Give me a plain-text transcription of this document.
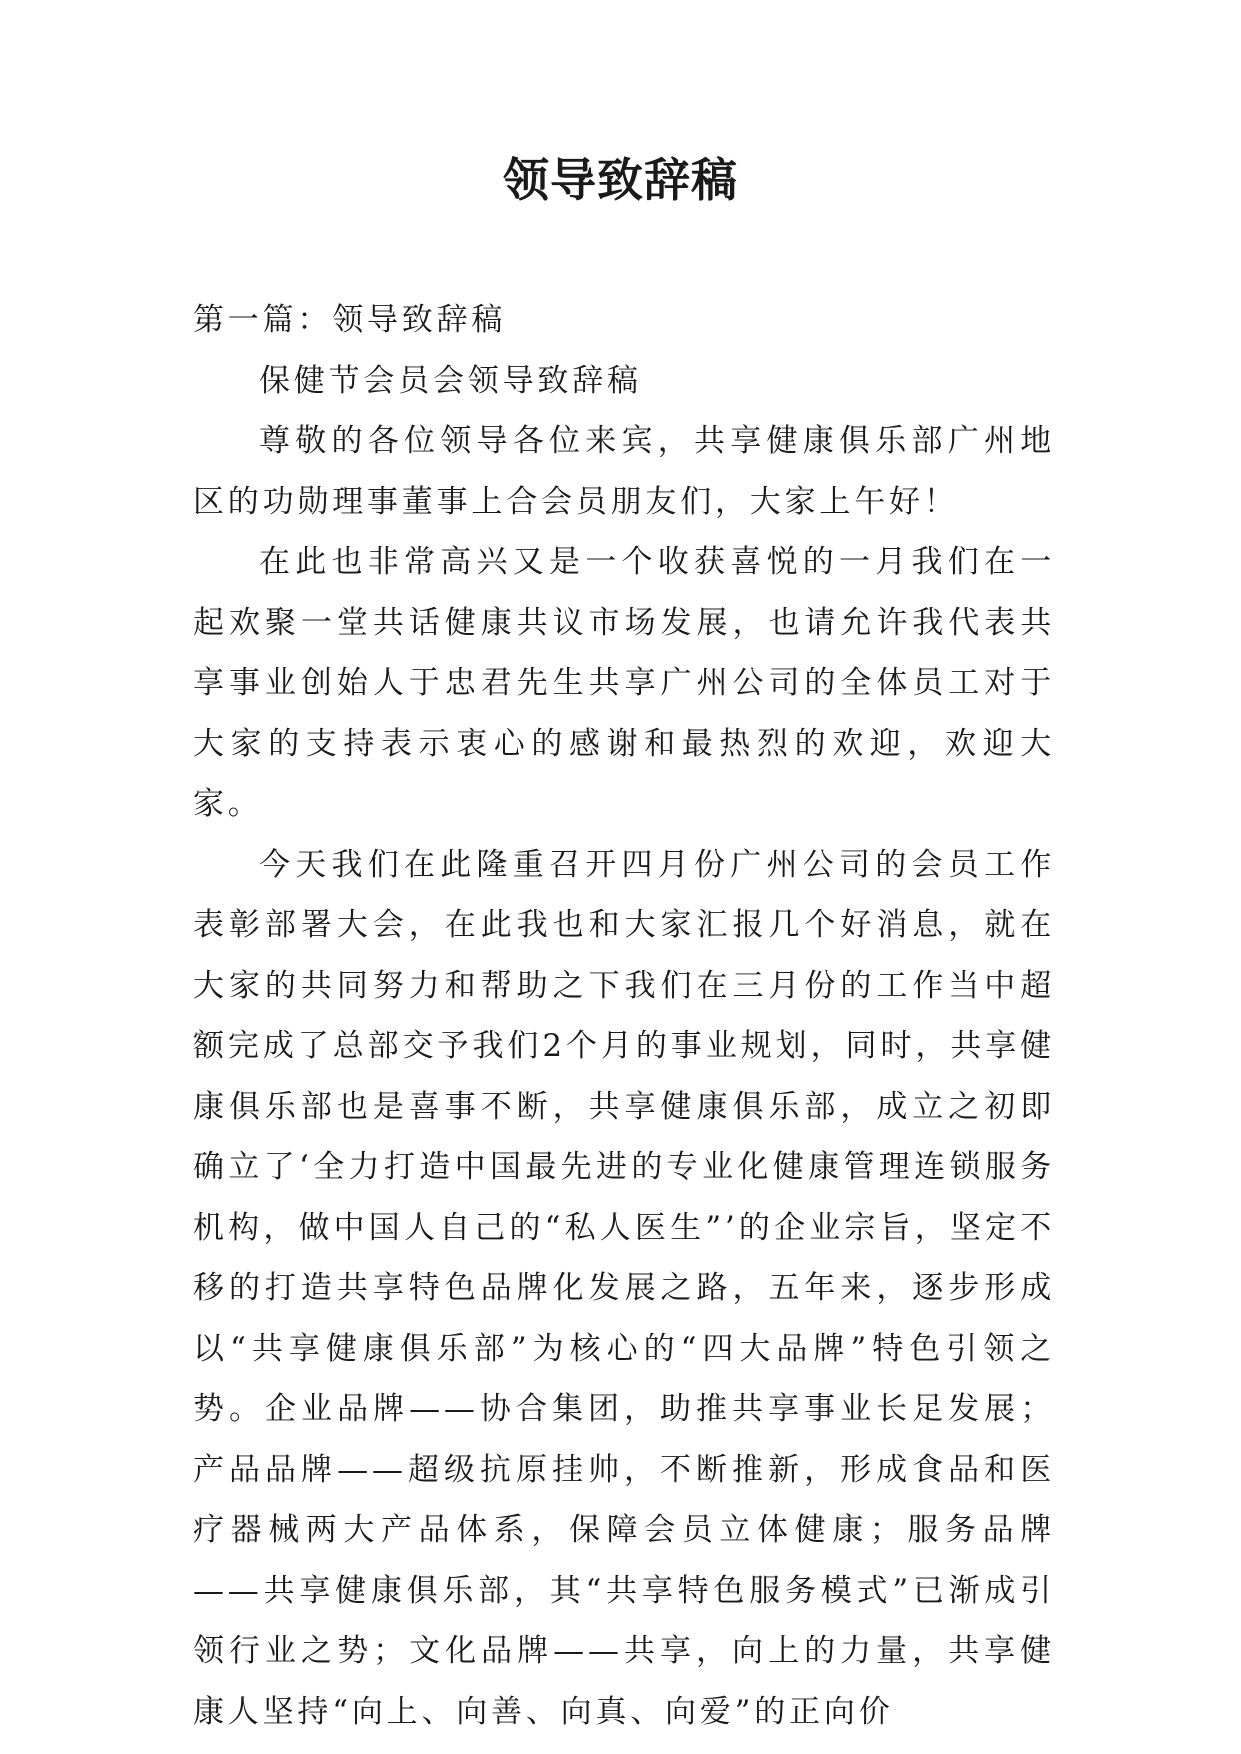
领导致辞稿

第一篇：领导致辞稿

保健节会员会领导致辞稿

尊敬的各位领导各位来宾，共享健康俱乐部广州地区的功勋理事董事上合会员朋友们，大家上午好！

在此也非常高兴又是一个收获喜悦的一月我们在一起欢聚一堂共话健康共议市场发展，也请允许我代表共享事业创始人于忠君先生共享广州公司的全体员工对于大家的支持表示衷心的感谢和最热烈的欢迎，欢迎大家。

今天我们在此隆重召开四月份广州公司的会员工作表彰部署大会，在此我也和大家汇报几个好消息，就在大家的共同努力和帮助之下我们在三月份的工作当中超额完成了总部交予我们2个月的事业规划，同时，共享健康俱乐部也是喜事不断，共享健康俱乐部，成立之初即确立了‘全力打造中国最先进的专业化健康管理连锁服务机构，做中国人自己的“私人医生”’的企业宗旨，坚定不移的打造共享特色品牌化发展之路，五年来，逐步形成以“共享健康俱乐部”为核心的“四大品牌”特色引领之势。企业品牌——协合集团，助推共享事业长足发展；产品品牌——超级抗原挂帅，不断推新，形成食品和医疗器械两大产品体系，保障会员立体健康；服务品牌——共享健康俱乐部，其“共享特色服务模式”已渐成引领行业之势；文化品牌——共享，向上的力量，共享健康人坚持“向上、向善、向真、向爱”的正向价
